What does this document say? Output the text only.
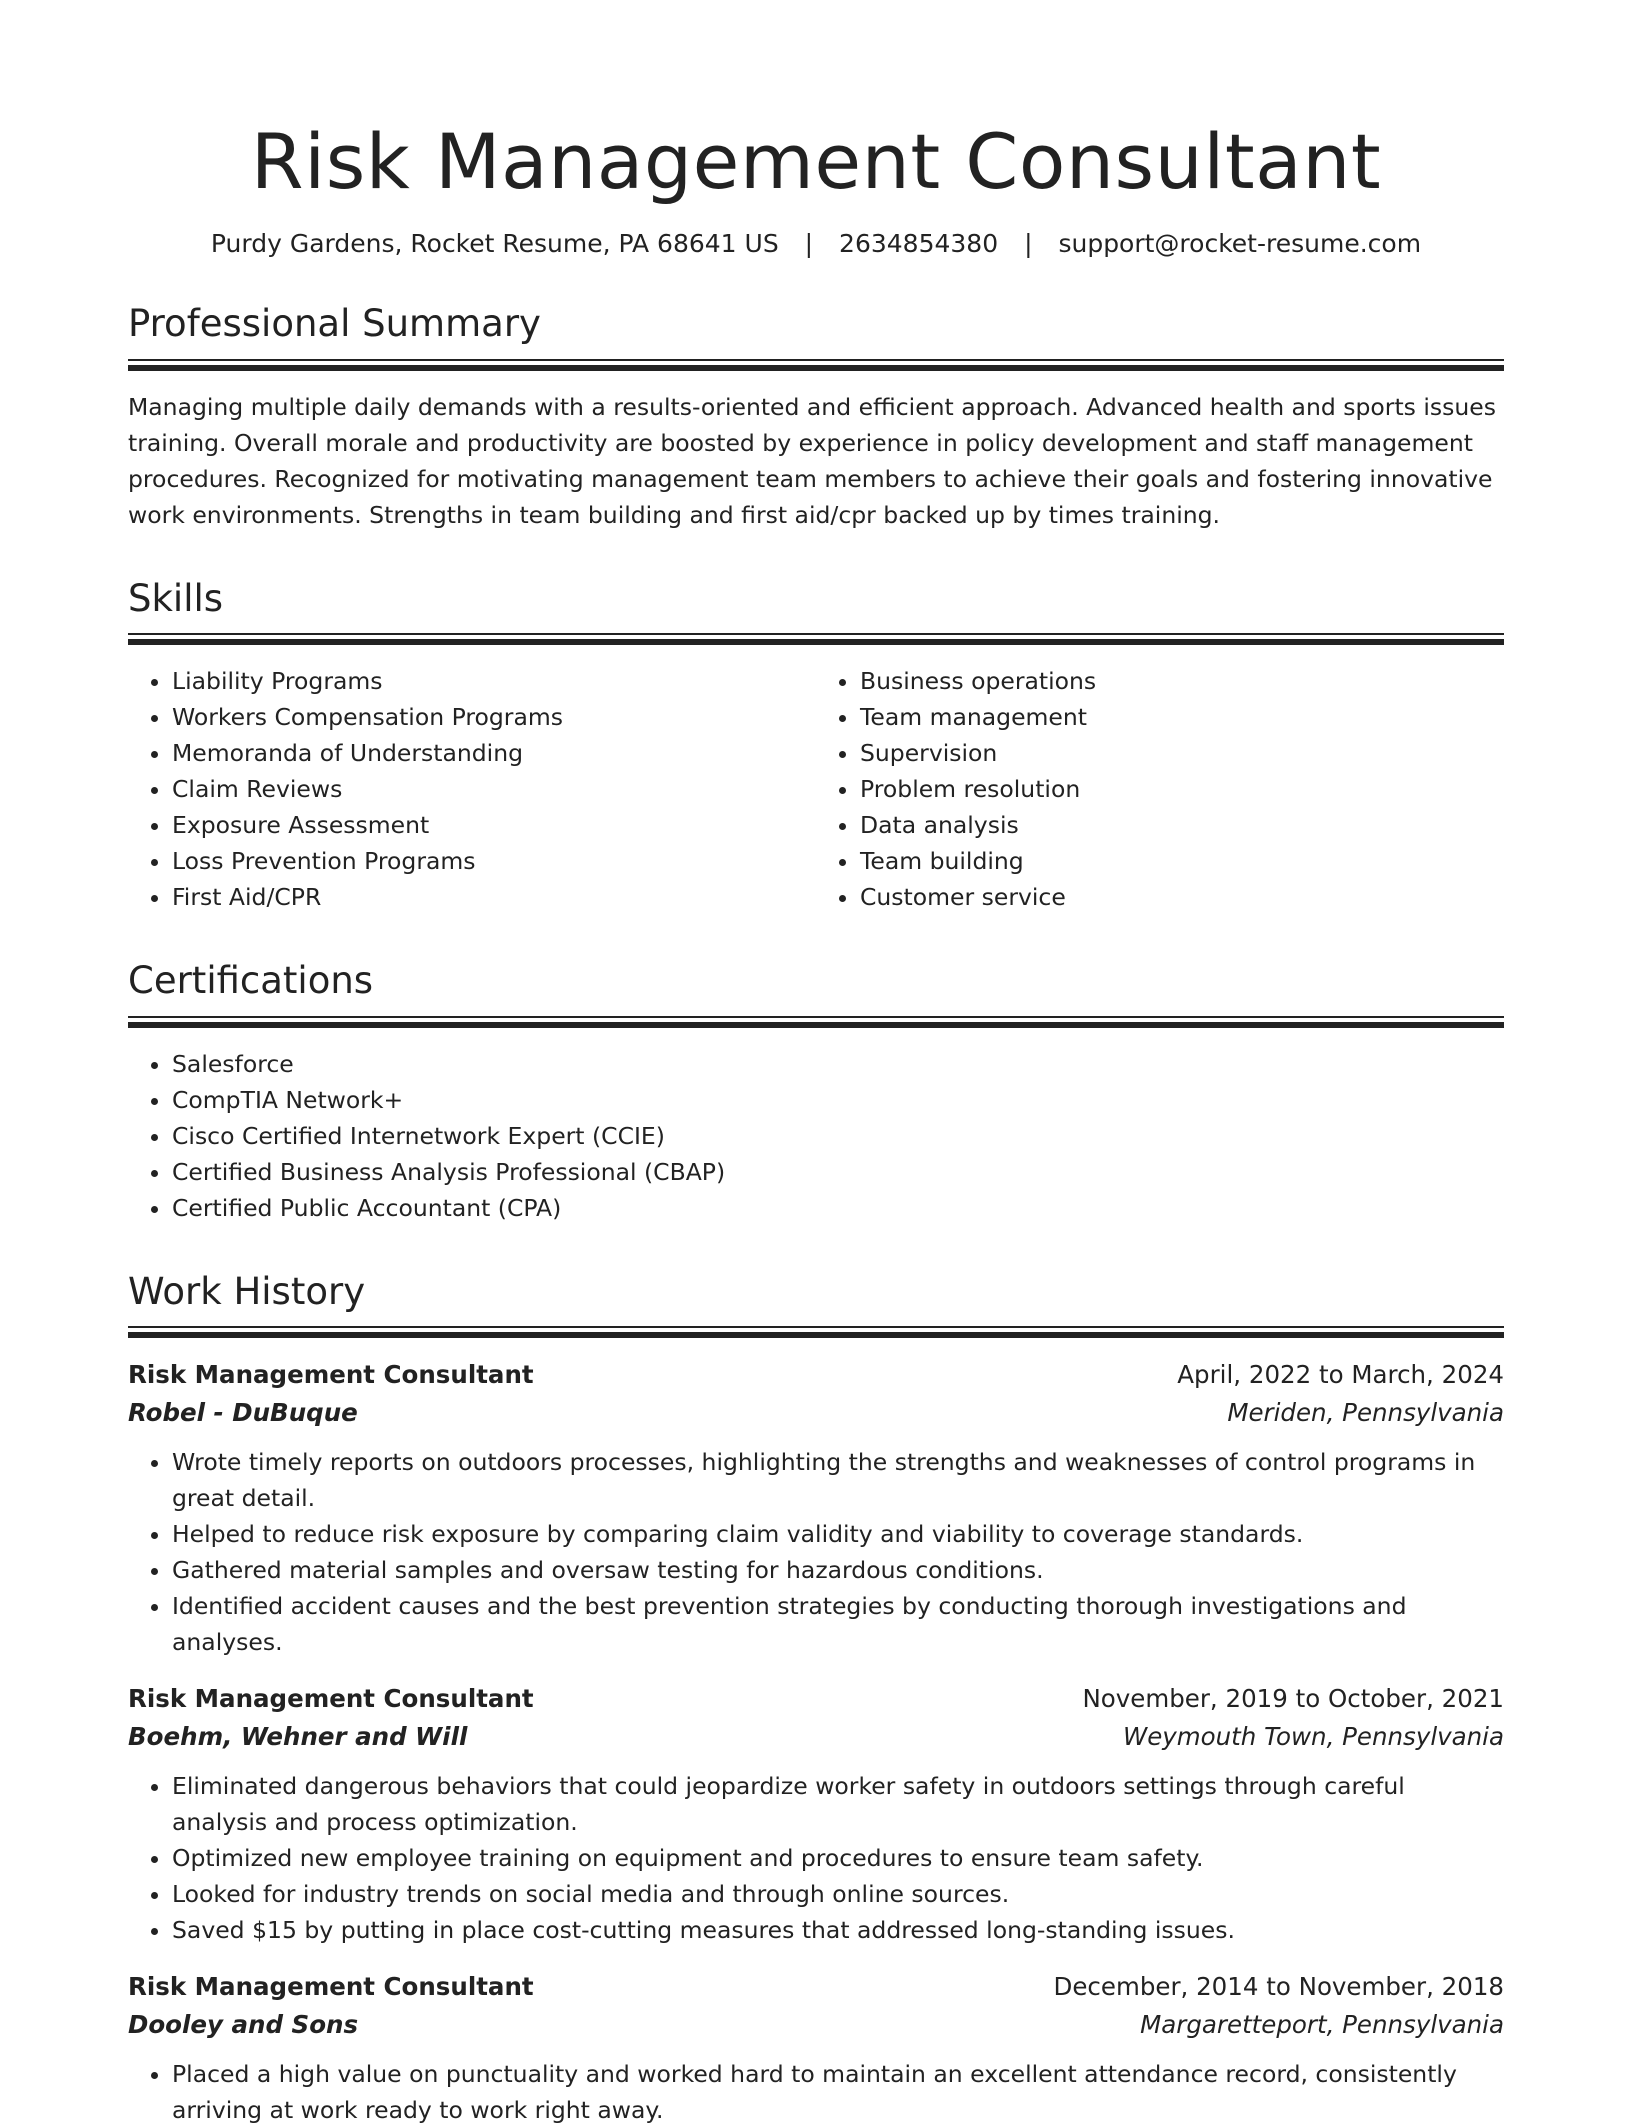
Risk Management Consultant
Purdy Gardens, Rocket Resume, PA 68641 US | 2634854380 | support@rocket-resume.com
Professional Summary

Managing multiple daily demands with a results-oriented and efficient approach. Advanced health and sports issues training. Overall morale and productivity are boosted by experience in policy development and staff management procedures. Recognized for motivating management team members to achieve their goals and fostering innovative work environments. Strengths in team building and first aid/cpr backed up by times training.

Skills
• Liability Programs
• Workers Compensation Programs
• Memoranda of Understanding
• Claim Reviews
• Exposure Assessment
• Loss Prevention Programs
• First Aid/CPR
• Business operations
• Team management
• Supervision
• Problem resolution
• Data analysis
• Team building
• Customer service
Certifications
• Salesforce
• CompTIA Network+
• Cisco Certified Internetwork Expert (CCIE)
• Certified Business Analysis Professional (CBAP)
• Certified Public Accountant (CPA)
Work History
Risk Management Consultant	April, 2022 to March, 2024
Robel - DuBuque	Meriden, Pennsylvania
• Wrote timely reports on outdoors processes, highlighting the strengths and weaknesses of control programs in great detail.
• Helped to reduce risk exposure by comparing claim validity and viability to coverage standards.
• Gathered material samples and oversaw testing for hazardous conditions.
• Identified accident causes and the best prevention strategies by conducting thorough investigations and analyses.
Risk Management Consultant	November, 2019 to October, 2021
Boehm, Wehner and Will	Weymouth Town, Pennsylvania
• Eliminated dangerous behaviors that could jeopardize worker safety in outdoors settings through careful analysis and process optimization.
• Optimized new employee training on equipment and procedures to ensure team safety.
• Looked for industry trends on social media and through online sources.
• Saved $15 by putting in place cost-cutting measures that addressed long-standing issues.
Risk Management Consultant	December, 2014 to November, 2018
Dooley and Sons	Margaretteport, Pennsylvania
• Placed a high value on punctuality and worked hard to maintain an excellent attendance record, consistently arriving at work ready to work right away.
